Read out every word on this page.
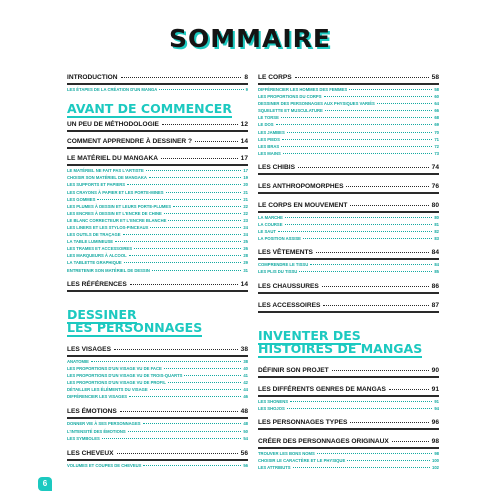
SOMMAIRE
INTRODUCTION	8
LES ÉTAPES DE LA CRÉATION D'UN MANGA	9
AVANT DE COMMENCER
UN PEU DE MÉTHODOLOGIE	12
COMMENT APPRENDRE À DESSINER ?	14
LE MATÉRIEL DU MANGAKA	17
LE MATÉRIEL NE FAIT PAS L'ARTISTE	17
CHOISIR SON MATÉRIEL DE MANGAKA	19
LES SUPPORTS ET PAPIERS	20
LES CRAYONS À PAPIER ET LES PORTE-MINES	21
LES GOMMES	21
LES PLUMES À DESSIN ET LEURS PORTE-PLUMES	22
LES ENCRES À DESSIN ET L'ENCRE DE CHINE	22
LE BLANC CORRECTEUR ET L'ENCRE BLANCHE	23
LES LINERS ET LES STYLOS-PINCEAUX	24
LES OUTILS DE TRAÇAGE	24
LA TABLE LUMINEUSE	25
LES TRAMES ET ACCESSOIRES	26
LES MARQUEURS À ALCOOL	28
LA TABLETTE GRAPHIQUE	29
ENTRETENIR SON MATÉRIEL DE DESSIN	31
LES RÉFÉRENCES	14
DESSINER
LES PERSONNAGES
LES VISAGES	38
ANATOMIE	38
LES PROPORTIONS D'UN VISAGE VU DE FACE	40
LES PROPORTIONS D'UN VISAGE VU DE TROIS-QUARTS	41
LES PROPORTIONS D'UN VISAGE VU DE PROFIL	42
DÉTAILLER LES ÉLÉMENTS DU VISAGE	44
DIFFÉRENCIER LES VISAGES	46
LES ÉMOTIONS	48
DONNER VIE À SES PERSONNAGES	48
L'INTENSITÉ DES ÉMOTIONS	50
LES SYMBOLES	54
LES CHEVEUX	56
VOLUMES ET COUPES DE CHEVEUX	56
LE CORPS	58
DIFFÉRENCIER LES HOMMES DES FEMMES	58
LES PROPORTIONS DU CORPS	60
DESSINER DES PERSONNAGES AUX PHYSIQUES VARIÉS	64
SQUELETTE ET MUSCULATURE	66
LE TORSE	68
LE DOS	69
LES JAMBES	70
LES PIEDS	71
LES BRAS	72
LES MAINS	73
LES CHIBIS	74
LES ANTHROPOMORPHES	76
LE CORPS EN MOUVEMENT	80
LA MARCHE	80
LA COURSE	81
LE SAUT	82
LA POSITION ASSISE	83
LES VÊTEMENTS	84
COMPRENDRE LE TISSU	84
LES PLIS DU TISSU	85
LES CHAUSSURES	86
LES ACCESSOIRES	87
INVENTER DES
HISTOIRES DE MANGAS
DÉFINIR SON PROJET	90
LES DIFFÉRENTS GENRES DE MANGAS	91
LES SHONENS	91
LES SHOJOS	94
LES PERSONNAGES TYPES	96
CRÉER DES PERSONNAGES ORIGINAUX	98
TROUVER LES BONS NOMS	98
CHOISIR LE CARACTÈRE ET LE PHYSIQUE	100
LES ATTRIBUTS	102
6
